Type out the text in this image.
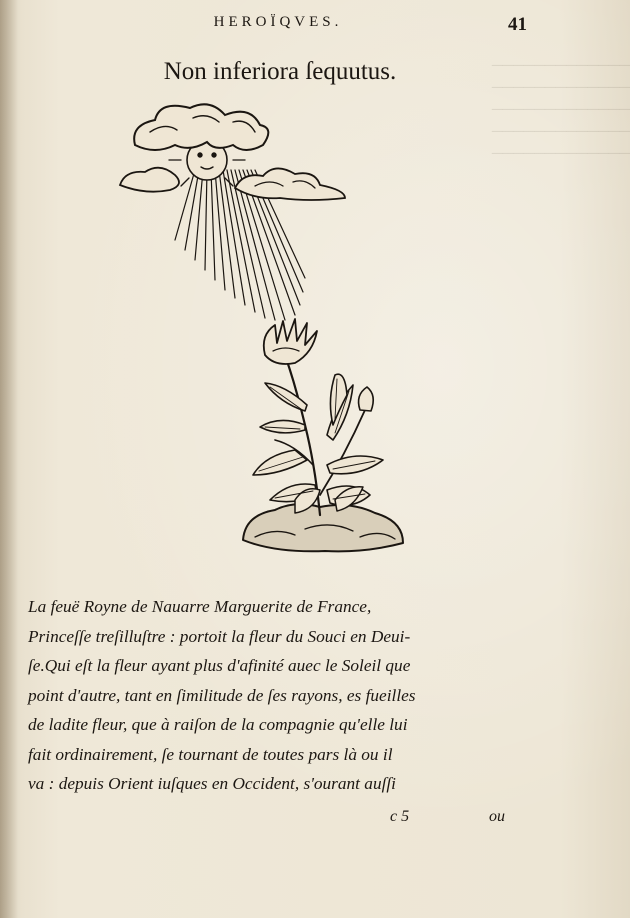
─────────────
─────────────
─────────────
─────────────
─────────────
HEROÏQVES.	41
Non inferiora ſequutus.
La feuë Royne de Nauarre Marguerite de France,
Princeſſe treſilluſtre : portoit la fleur du Souci en Deui-
ſe.Qui eſt la fleur ayant plus d'afinité auec le Soleil que
point d'autre, tant en ſimilitude de ſes rayons, es fueilles
de ladite fleur, que à raiſon de la compagnie qu'elle lui
fait ordinairement, ſe tournant de toutes pars là ou il
va : depuis Orient iuſques en Occident, s'ourant auſſi
c 5	ou
